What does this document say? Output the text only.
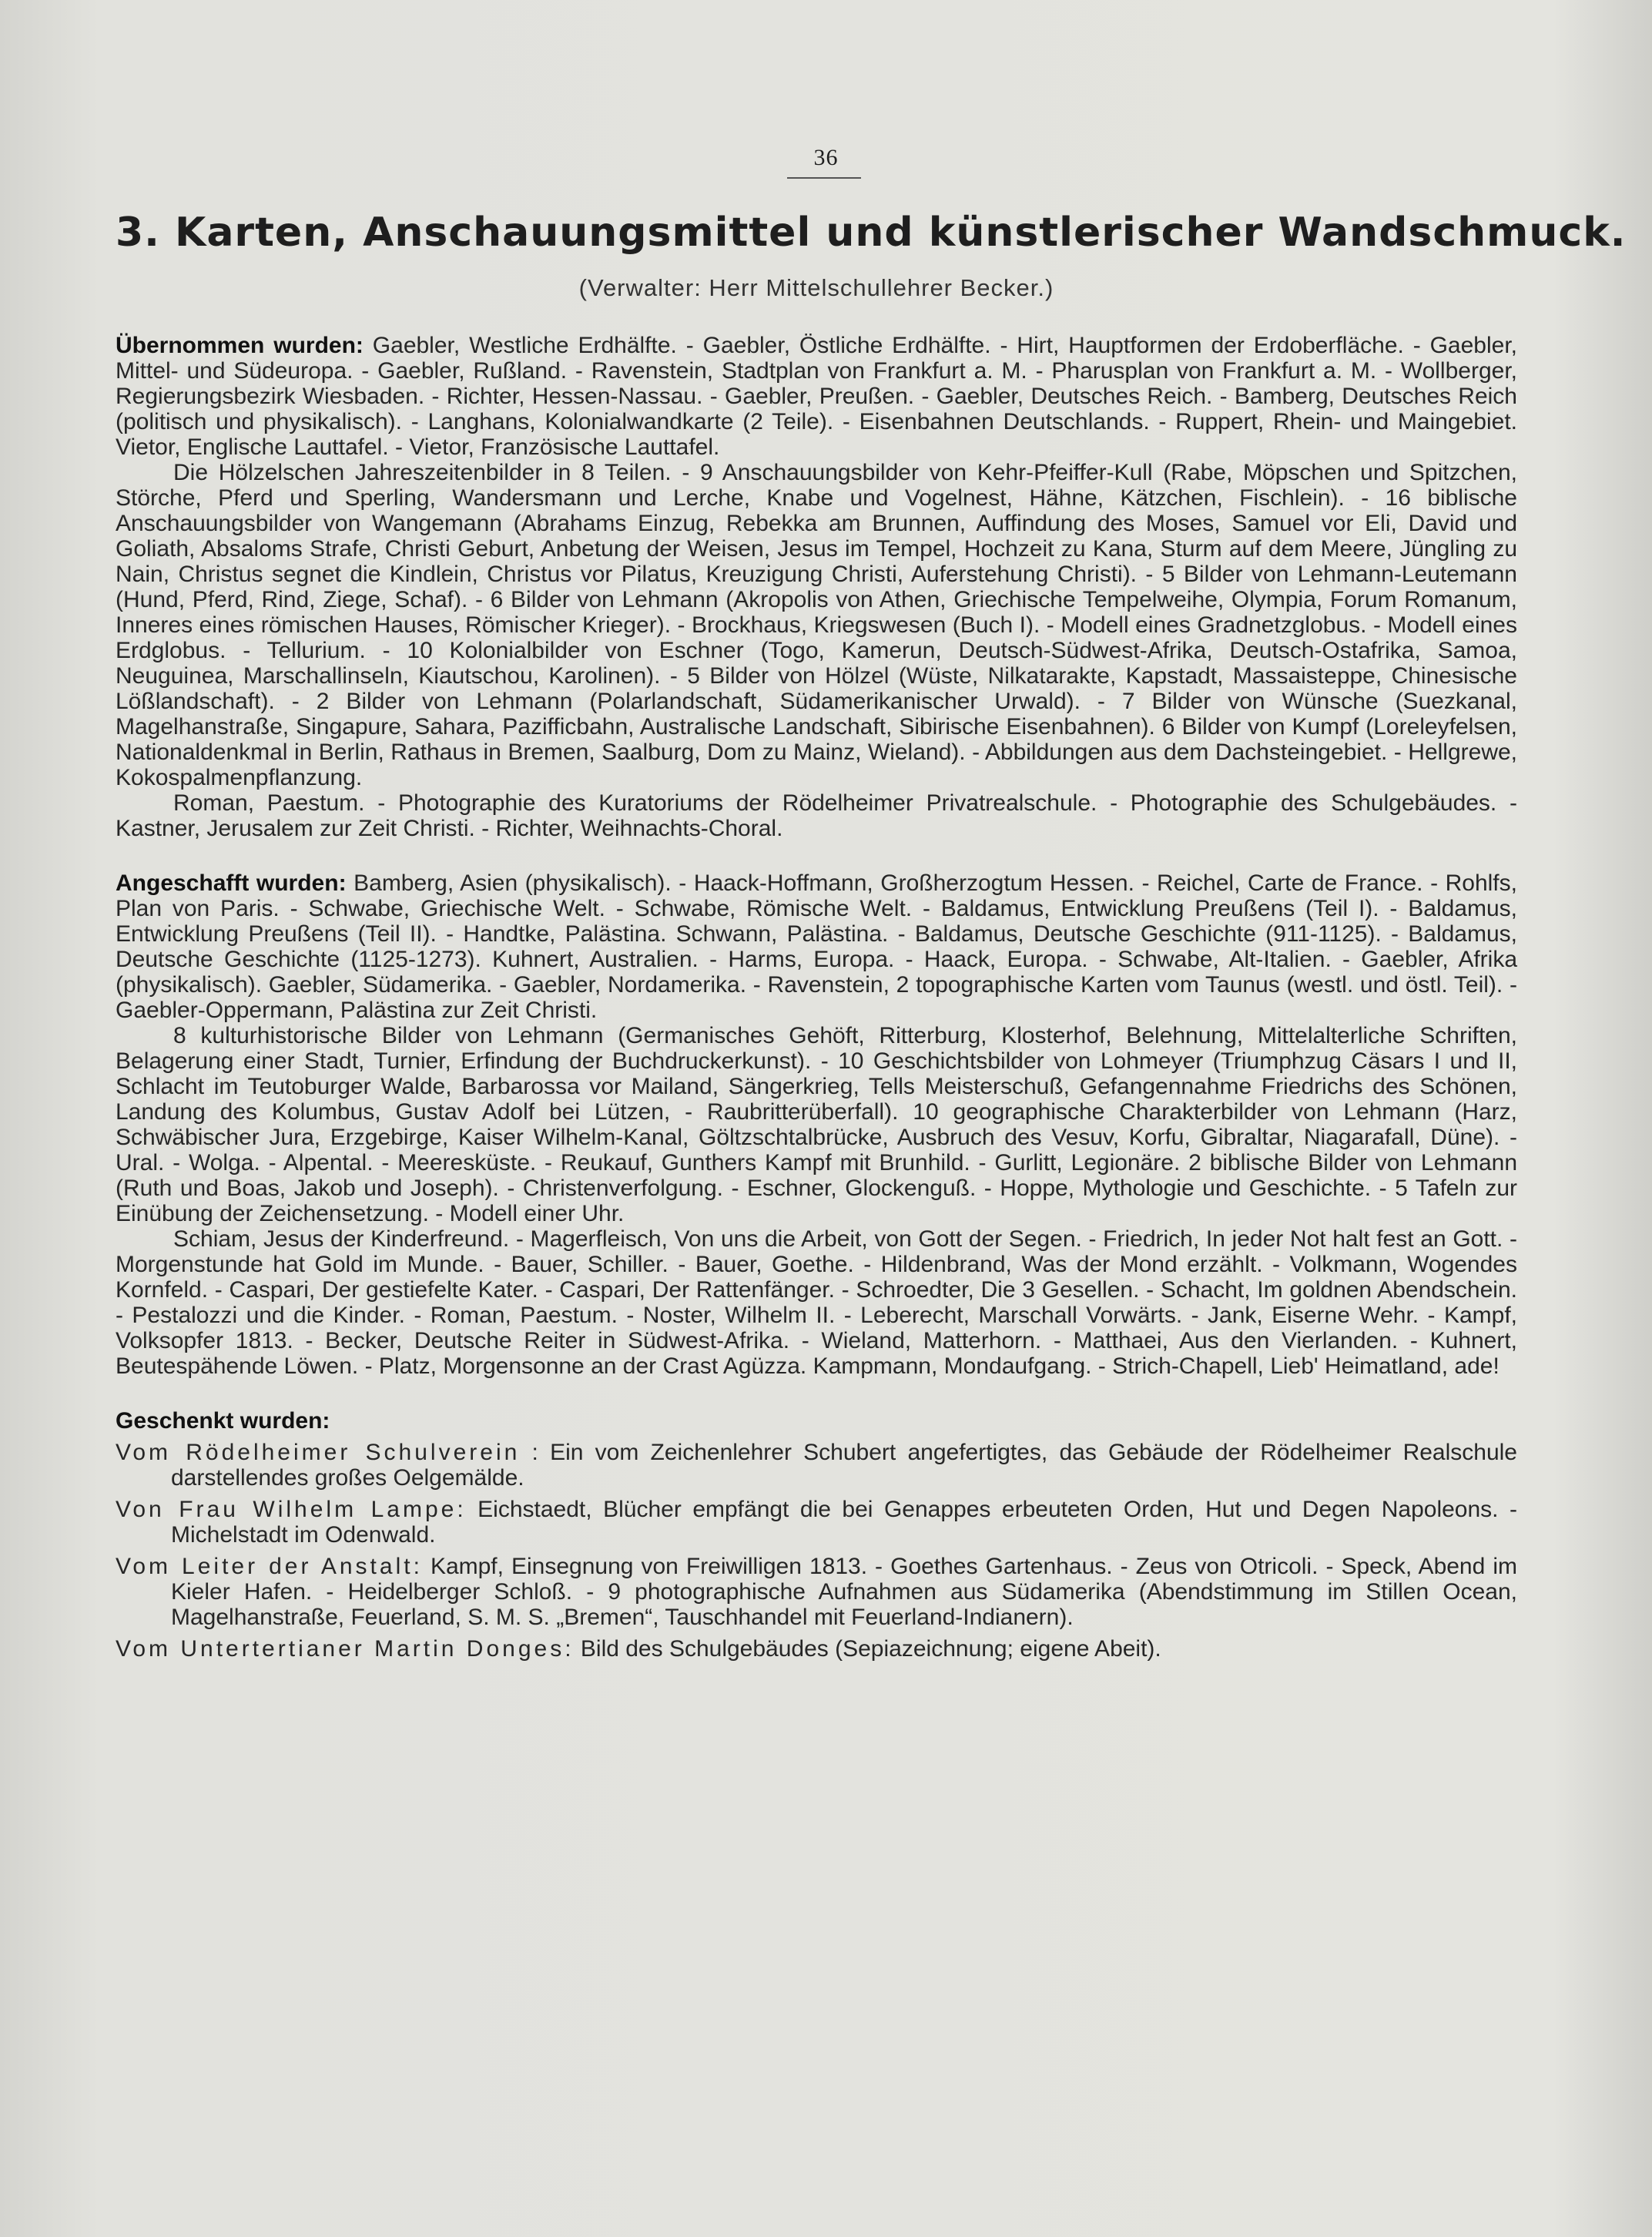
36
3. Karten, Anschauungsmittel und künstlerischer Wandschmuck.
(Verwalter: Herr Mittelschullehrer Becker.)

Übernommen wurden: Gaebler, Westliche Erdhälfte. - Gaebler, Östliche Erdhälfte. - Hirt, Hauptformen der Erdoberfläche. - Gaebler, Mittel- und Südeuropa. - Gaebler, Rußland. - Ravenstein, Stadtplan von Frankfurt a. M. - Pharusplan von Frankfurt a. M. - Wollberger, Regierungsbezirk Wiesbaden. - Richter, Hessen-Nassau. - Gaebler, Preußen. - Gaebler, Deutsches Reich. - Bamberg, Deutsches Reich (politisch und physikalisch). - Langhans, Kolonialwandkarte (2 Teile). - Eisenbahnen Deutschlands. - Ruppert, Rhein- und Maingebiet. Vietor, Englische Lauttafel. - Vietor, Französische Lauttafel.

Die Hölzelschen Jahreszeitenbilder in 8 Teilen. - 9 Anschauungsbilder von Kehr-Pfeiffer-Kull (Rabe, Möpschen und Spitzchen, Störche, Pferd und Sperling, Wandersmann und Lerche, Knabe und Vogelnest, Hähne, Kätzchen, Fischlein). - 16 biblische Anschauungsbilder von Wangemann (Abrahams Einzug, Rebekka am Brunnen, Auffindung des Moses, Samuel vor Eli, David und Goliath, Absaloms Strafe, Christi Geburt, Anbetung der Weisen, Jesus im Tempel, Hochzeit zu Kana, Sturm auf dem Meere, Jüngling zu Nain, Christus segnet die Kindlein, Christus vor Pilatus, Kreuzigung Christi, Auferstehung Christi). - 5 Bilder von Lehmann-Leutemann (Hund, Pferd, Rind, Ziege, Schaf). - 6 Bilder von Lehmann (Akropolis von Athen, Griechische Tempelweihe, Olympia, Forum Romanum, Inneres eines römischen Hauses, Römischer Krieger). - Brockhaus, Kriegswesen (Buch I). - Modell eines Gradnetzglobus. - Modell eines Erdglobus. - Tellurium. - 10 Kolonialbilder von Eschner (Togo, Kamerun, Deutsch-Südwest-Afrika, Deutsch-Ostafrika, Samoa, Neuguinea, Marschallinseln, Kiautschou, Karolinen). - 5 Bilder von Hölzel (Wüste, Nilkatarakte, Kapstadt, Massaisteppe, Chinesische Lößlandschaft). - 2 Bilder von Lehmann (Polarlandschaft, Südamerikanischer Urwald). - 7 Bilder von Wünsche (Suezkanal, Magelhanstraße, Singapure, Sahara, Pazifficbahn, Australische Landschaft, Sibirische Eisenbahnen). 6 Bilder von Kumpf (Loreleyfelsen, Nationaldenkmal in Berlin, Rathaus in Bremen, Saalburg, Dom zu Mainz, Wieland). - Abbildungen aus dem Dachsteingebiet. - Hellgrewe, Kokospalmenpflanzung.

Roman, Paestum. - Photographie des Kuratoriums der Rödelheimer Privatrealschule. - Photographie des Schulgebäudes. - Kastner, Jerusalem zur Zeit Christi. - Richter, Weihnachts-Choral.

Angeschafft wurden: Bamberg, Asien (physikalisch). - Haack-Hoffmann, Großherzogtum Hessen. - Reichel, Carte de France. - Rohlfs, Plan von Paris. - Schwabe, Griechische Welt. - Schwabe, Römische Welt. - Baldamus, Entwicklung Preußens (Teil I). - Baldamus, Entwicklung Preußens (Teil II). - Handtke, Palästina. Schwann, Palästina. - Baldamus, Deutsche Geschichte (911-1125). - Baldamus, Deutsche Geschichte (1125-1273). Kuhnert, Australien. - Harms, Europa. - Haack, Europa. - Schwabe, Alt-Italien. - Gaebler, Afrika (physikalisch). Gaebler, Südamerika. - Gaebler, Nordamerika. - Ravenstein, 2 topographische Karten vom Taunus (westl. und östl. Teil). - Gaebler-Oppermann, Palästina zur Zeit Christi.

8 kulturhistorische Bilder von Lehmann (Germanisches Gehöft, Ritterburg, Klosterhof, Belehnung, Mittelalterliche Schriften, Belagerung einer Stadt, Turnier, Erfindung der Buchdruckerkunst). - 10 Geschichtsbilder von Lohmeyer (Triumphzug Cäsars I und II, Schlacht im Teutoburger Walde, Barbarossa vor Mailand, Sängerkrieg, Tells Meisterschuß, Gefangennahme Friedrichs des Schönen, Landung des Kolumbus, Gustav Adolf bei Lützen, - Raubritterüberfall). 10 geographische Charakterbilder von Lehmann (Harz, Schwäbischer Jura, Erzgebirge, Kaiser Wilhelm-Kanal, Göltzschtalbrücke, Ausbruch des Vesuv, Korfu, Gibraltar, Niagarafall, Düne). - Ural. - Wolga. - Alpental. - Meeresküste. - Reukauf, Gunthers Kampf mit Brunhild. - Gurlitt, Legionäre. 2 biblische Bilder von Lehmann (Ruth und Boas, Jakob und Joseph). - Christenverfolgung. - Eschner, Glockenguß. - Hoppe, Mythologie und Geschichte. - 5 Tafeln zur Einübung der Zeichensetzung. - Modell einer Uhr.

Schiam, Jesus der Kinderfreund. - Magerfleisch, Von uns die Arbeit, von Gott der Segen. - Friedrich, In jeder Not halt fest an Gott. - Morgenstunde hat Gold im Munde. - Bauer, Schiller. - Bauer, Goethe. - Hildenbrand, Was der Mond erzählt. - Volkmann, Wogendes Kornfeld. - Caspari, Der gestiefelte Kater. - Caspari, Der Rattenfänger. - Schroedter, Die 3 Gesellen. - Schacht, Im goldnen Abendschein. - Pestalozzi und die Kinder. - Roman, Paestum. - Noster, Wilhelm II. - Leberecht, Marschall Vorwärts. - Jank, Eiserne Wehr. - Kampf, Volksopfer 1813. - Becker, Deutsche Reiter in Südwest-Afrika. - Wieland, Matterhorn. - Matthaei, Aus den Vierlanden. - Kuhnert, Beutespähende Löwen. - Platz, Morgensonne an der Crast Agüzza. Kampmann, Mondaufgang. - Strich-Chapell, Lieb' Heimatland, ade!

Geschenkt wurden:

Vom Rödelheimer Schulverein : Ein vom Zeichenlehrer Schubert angefertigtes, das Gebäude der Rödelheimer Realschule darstellendes großes Oelgemälde.

Von Frau Wilhelm Lampe: Eichstaedt, Blücher empfängt die bei Genappes erbeuteten Orden, Hut und Degen Napoleons. - Michelstadt im Odenwald.

Vom Leiter der Anstalt: Kampf, Einsegnung von Freiwilligen 1813. - Goethes Gartenhaus. - Zeus von Otricoli. - Speck, Abend im Kieler Hafen. - Heidelberger Schloß. - 9 photographische Aufnahmen aus Südamerika (Abendstimmung im Stillen Ocean, Magelhanstraße, Feuerland, S. M. S. „Bremen“, Tauschhandel mit Feuerland-Indianern).

Vom Untertertianer Martin Donges: Bild des Schulgebäudes (Sepiazeichnung; eigene Abeit).
